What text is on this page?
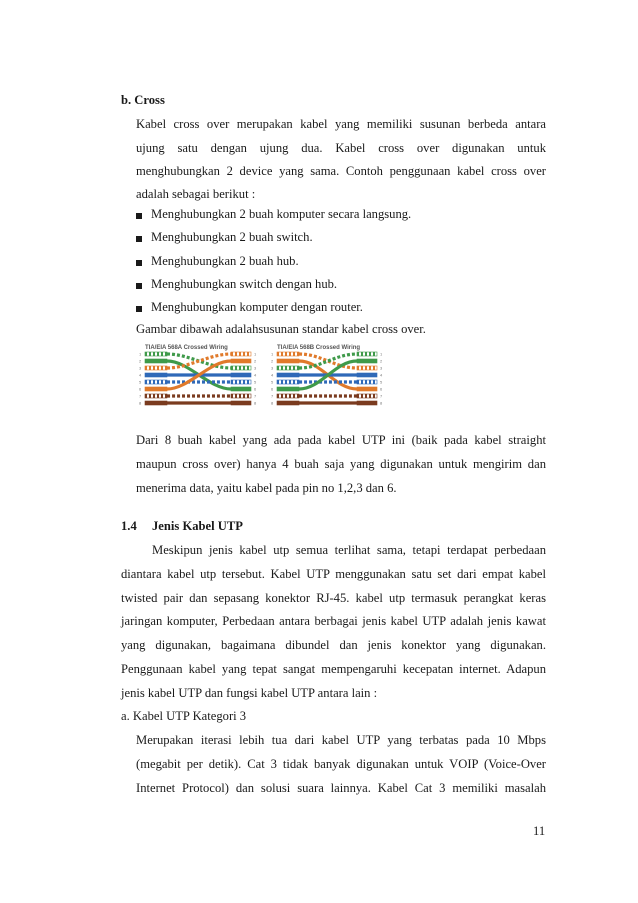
b. Cross
Kabel cross over merupakan kabel yang memiliki susunan berbeda antara
ujung satu dengan ujung dua. Kabel cross over digunakan untuk
menghubungkan 2 device yang sama. Contoh penggunaan kabel cross over
adalah sebagai berikut :
Menghubungkan 2 buah komputer secara langsung.
Menghubungkan 2 buah switch.
Menghubungkan 2 buah hub.
Menghubungkan switch dengan hub.
Menghubungkan komputer dengan router.
Gambar dibawah adalahsusunan standar kabel cross over.
TIA/EIA 568A Crossed Wiring
1	1
2	2
3	3
4	4
5	5
6	6
7	7
8	8
TIA/EIA 568B Crossed Wiring
1	1
2	2
3	3
4	4
5	5
6	6
7	7
8	8
Dari 8 buah kabel yang ada pada kabel UTP ini (baik pada kabel straight
maupun cross over) hanya 4 buah saja yang digunakan untuk mengirim dan
menerima data, yaitu kabel pada pin no 1,2,3 dan 6.
1.4 Jenis Kabel UTP
Meskipun jenis kabel utp semua terlihat sama, tetapi terdapat perbedaan
diantara kabel utp tersebut. Kabel UTP menggunakan satu set dari empat kabel
twisted pair dan sepasang konektor RJ-45. kabel utp termasuk perangkat keras
jaringan komputer, Perbedaan antara berbagai jenis kabel UTP adalah jenis kawat
yang digunakan, bagaimana dibundel dan jenis konektor yang digunakan.
Penggunaan kabel yang tepat sangat mempengaruhi kecepatan internet. Adapun
jenis kabel UTP dan fungsi kabel UTP antara lain :
a. Kabel UTP Kategori 3
Merupakan iterasi lebih tua dari kabel UTP yang terbatas pada 10 Mbps
(megabit per detik). Cat 3 tidak banyak digunakan untuk VOIP (Voice-Over
Internet Protocol) dan solusi suara lainnya. Kabel Cat 3 memiliki masalah
11
